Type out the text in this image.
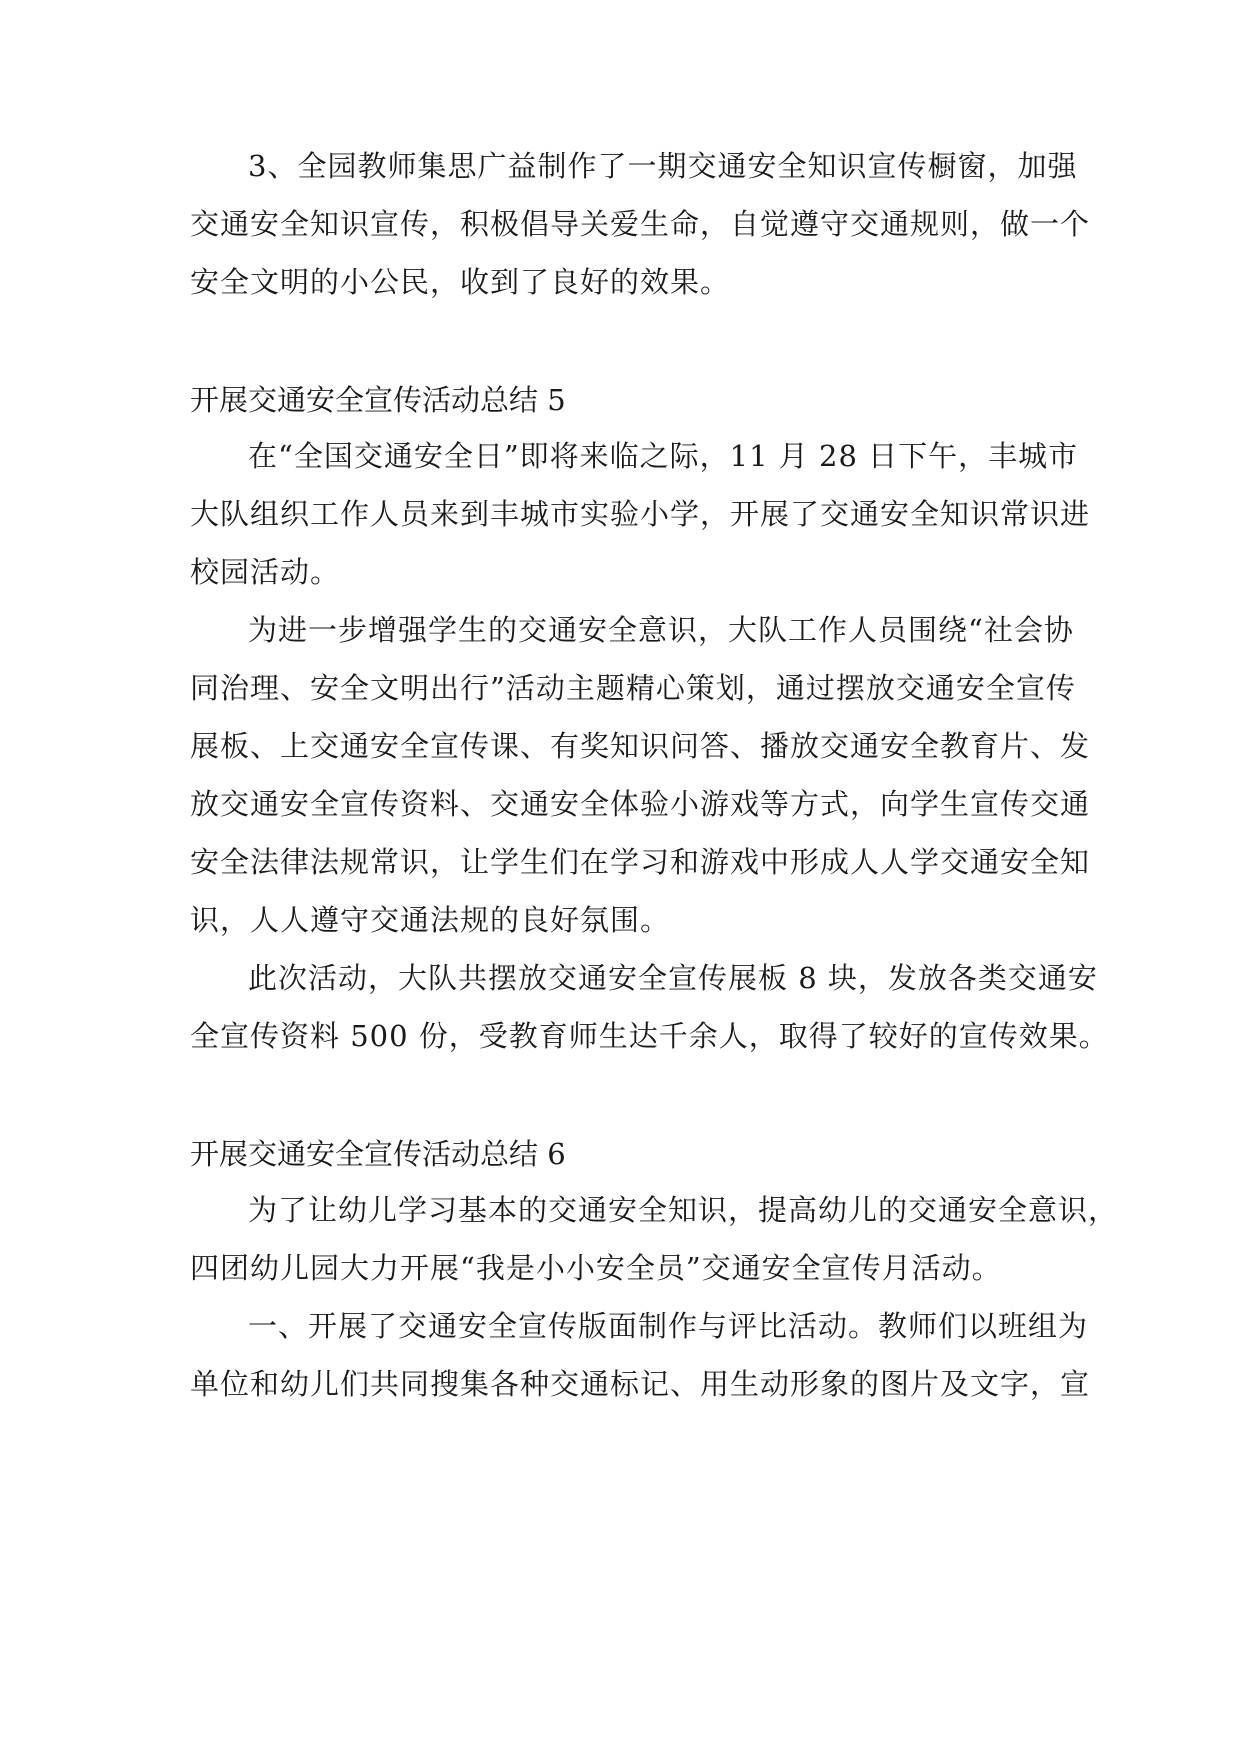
3、全园教师集思广益制作了一期交通安全知识宣传橱窗，加强
交通安全知识宣传，积极倡导关爱生命，自觉遵守交通规则，做一个
安全文明的小公民，收到了良好的效果。
开展交通安全宣传活动总结 5
在“全国交通安全日”即将来临之际，11 月 28 日下午，丰城市
大队组织工作人员来到丰城市实验小学，开展了交通安全知识常识进
校园活动。
为进一步增强学生的交通安全意识，大队工作人员围绕“社会协
同治理、安全文明出行”活动主题精心策划，通过摆放交通安全宣传
展板、上交通安全宣传课、有奖知识问答、播放交通安全教育片、发
放交通安全宣传资料、交通安全体验小游戏等方式，向学生宣传交通
安全法律法规常识，让学生们在学习和游戏中形成人人学交通安全知
识，人人遵守交通法规的良好氛围。
此次活动，大队共摆放交通安全宣传展板 8 块，发放各类交通安
全宣传资料 500 份，受教育师生达千余人，取得了较好的宣传效果。
开展交通安全宣传活动总结 6
为了让幼儿学习基本的交通安全知识，提高幼儿的交通安全意识，
四团幼儿园大力开展“我是小小安全员”交通安全宣传月活动。
一、开展了交通安全宣传版面制作与评比活动。教师们以班组为
单位和幼儿们共同搜集各种交通标记、用生动形象的图片及文字，宣
